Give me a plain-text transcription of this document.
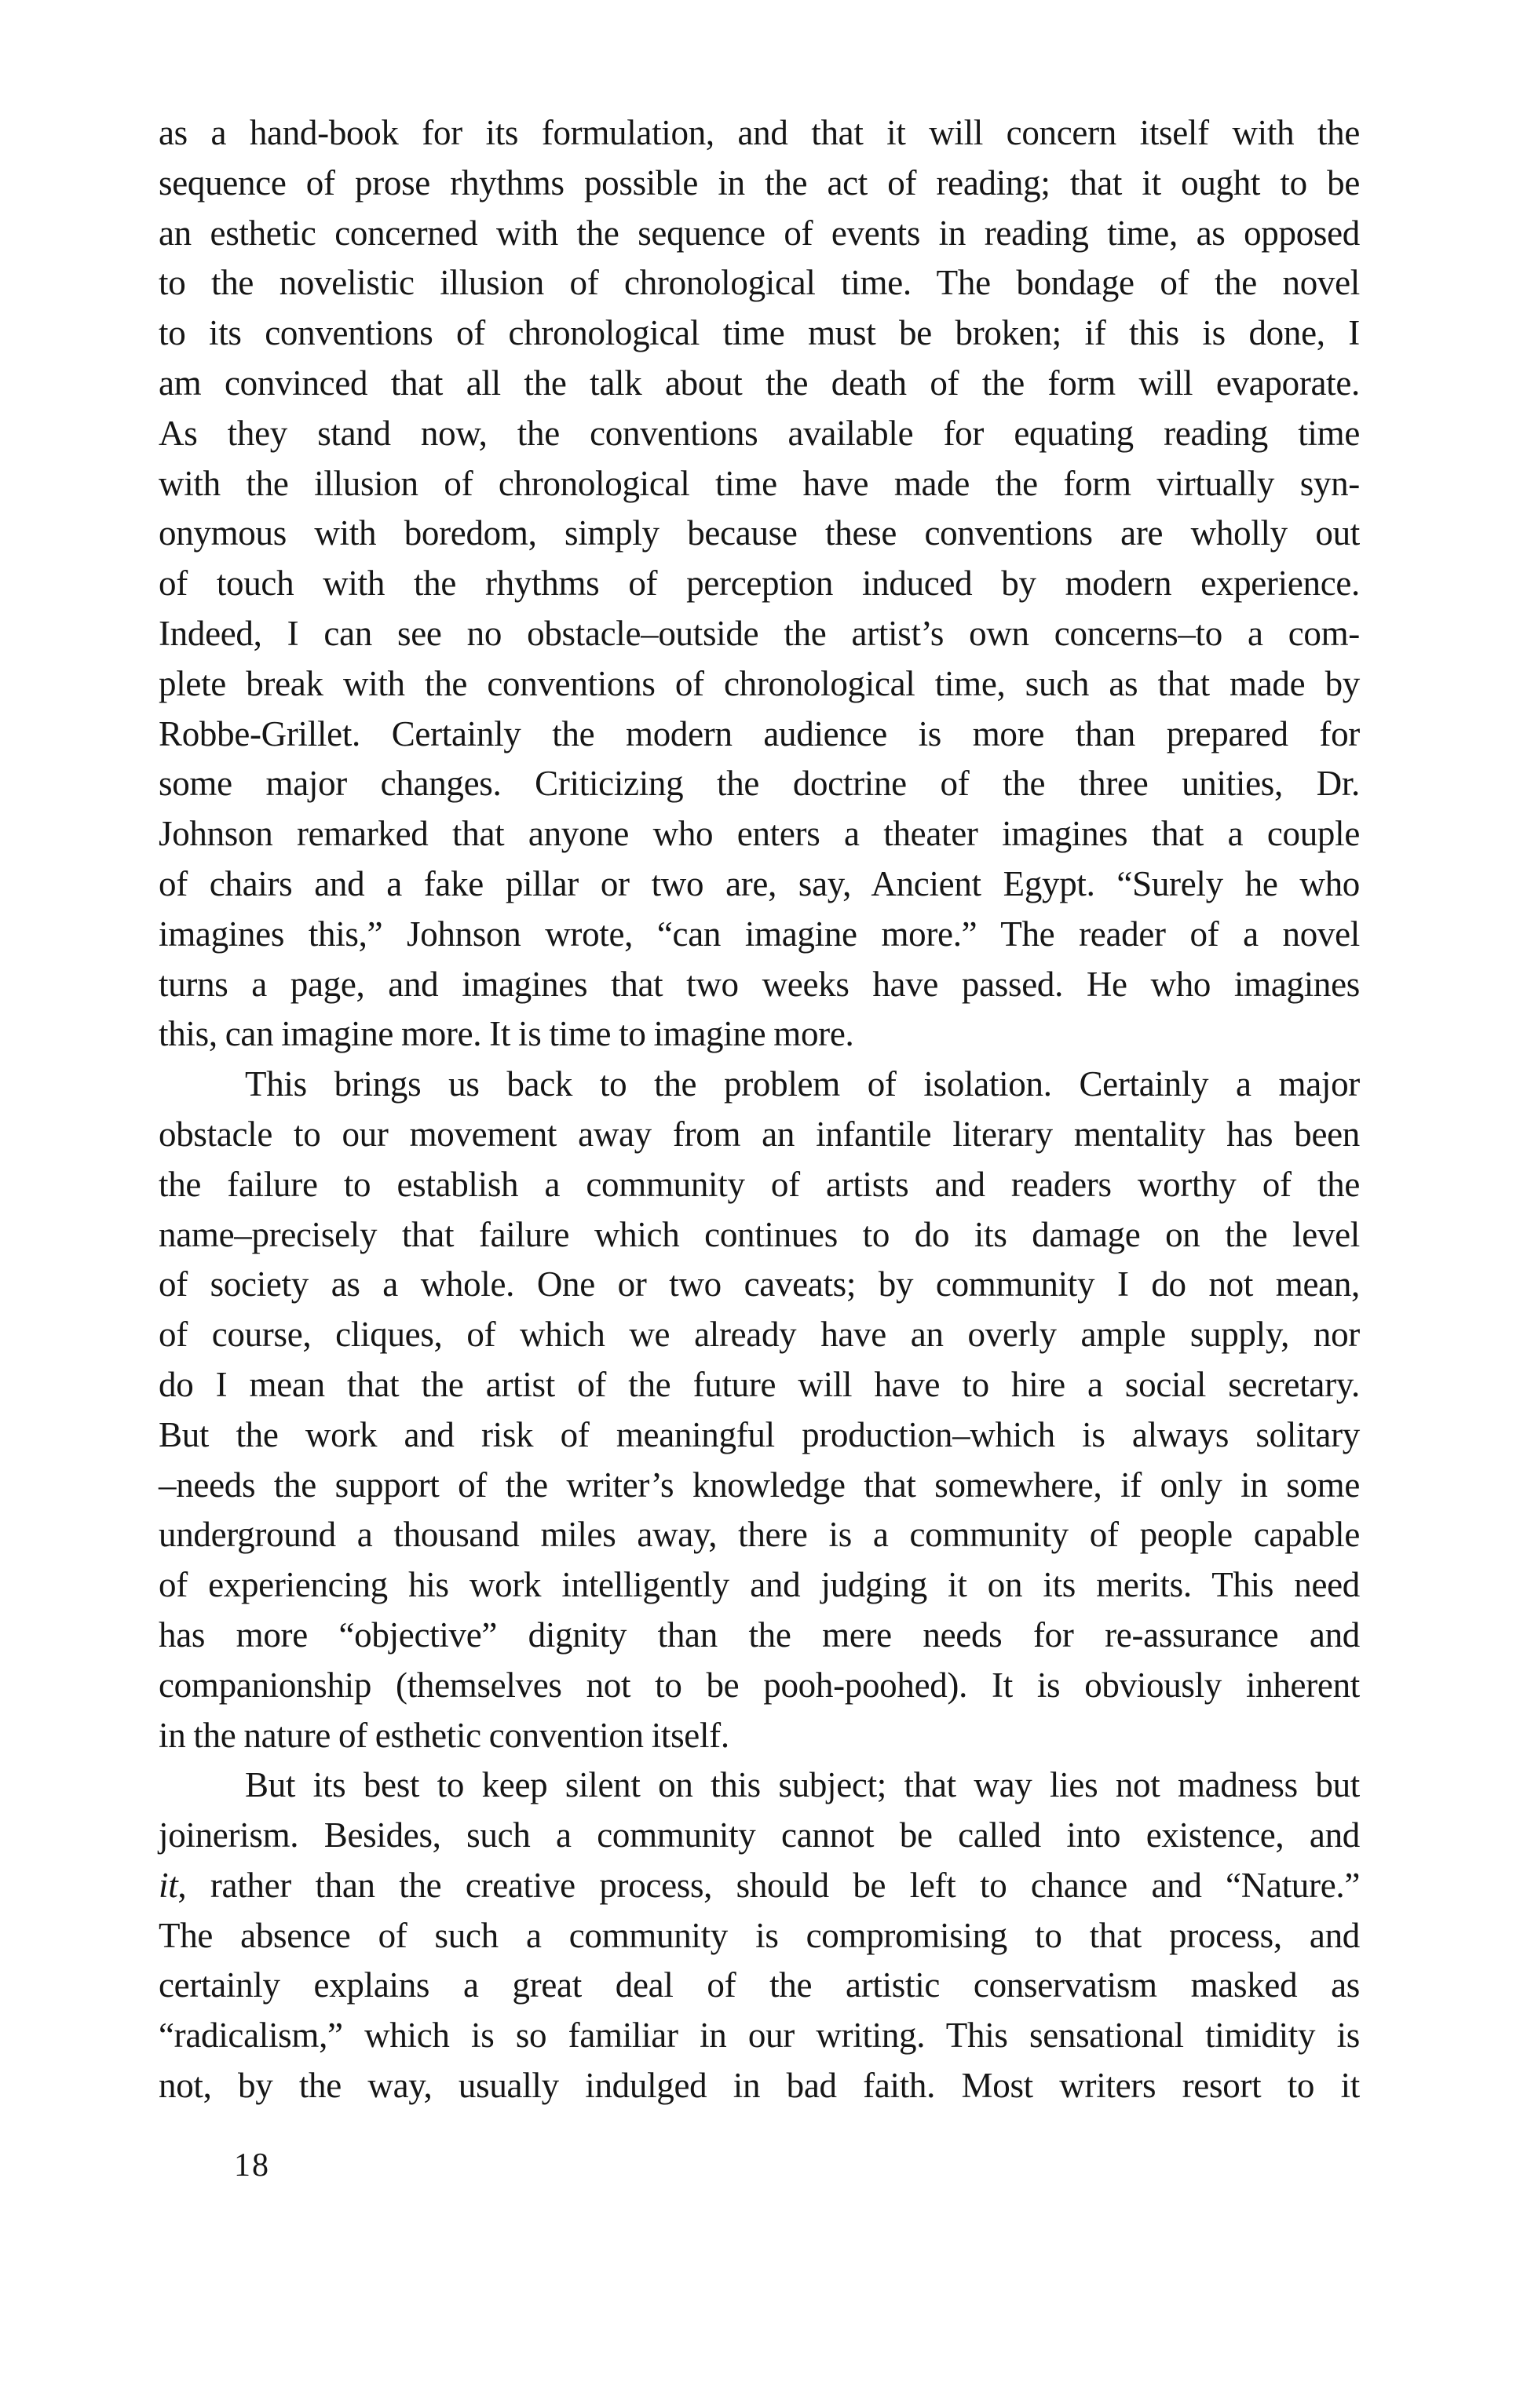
as a hand-book for its formulation, and that it will concern itself with the
sequence of prose rhythms possible in the act of reading; that it ought to be
an esthetic concerned with the sequence of events in reading time, as opposed
to the novelistic illusion of chronological time. The bondage of the novel
to its conventions of chronological time must be broken; if this is done, I
am convinced that all the talk about the death of the form will evaporate.
As they stand now, the conventions available for equating reading time
with the illusion of chronological time have made the form virtually syn-
onymous with boredom, simply because these conventions are wholly out
of touch with the rhythms of perception induced by modern experience.
Indeed, I can see no obstacle–outside the artist’s own concerns–to a com-
plete break with the conventions of chronological time, such as that made by
Robbe-Grillet. Certainly the modern audience is more than prepared for
some major changes. Criticizing the doctrine of the three unities, Dr.
Johnson remarked that anyone who enters a theater imagines that a couple
of chairs and a fake pillar or two are, say, Ancient Egypt. “Surely he who
imagines this,” Johnson wrote, “can imagine more.” The reader of a novel
turns a page, and imagines that two weeks have passed. He who imagines
this, can imagine more. It is time to imagine more.
This brings us back to the problem of isolation. Certainly a major
obstacle to our movement away from an infantile literary mentality has been
the failure to establish a community of artists and readers worthy of the
name–precisely that failure which continues to do its damage on the level
of society as a whole. One or two caveats; by community I do not mean,
of course, cliques, of which we already have an overly ample supply, nor
do I mean that the artist of the future will have to hire a social secretary.
But the work and risk of meaningful production–which is always solitary
–needs the support of the writer’s knowledge that somewhere, if only in some
underground a thousand miles away, there is a community of people capable
of experiencing his work intelligently and judging it on its merits. This need
has more “objective” dignity than the mere needs for re-assurance and
companionship (themselves not to be pooh-poohed). It is obviously inherent
in the nature of esthetic convention itself.
But its best to keep silent on this subject; that way lies not madness but
joinerism. Besides, such a community cannot be called into existence, and
it, rather than the creative process, should be left to chance and “Nature.”
The absence of such a community is compromising to that process, and
certainly explains a great deal of the artistic conservatism masked as
“radicalism,” which is so familiar in our writing. This sensational timidity is
not, by the way, usually indulged in bad faith. Most writers resort to it
18
